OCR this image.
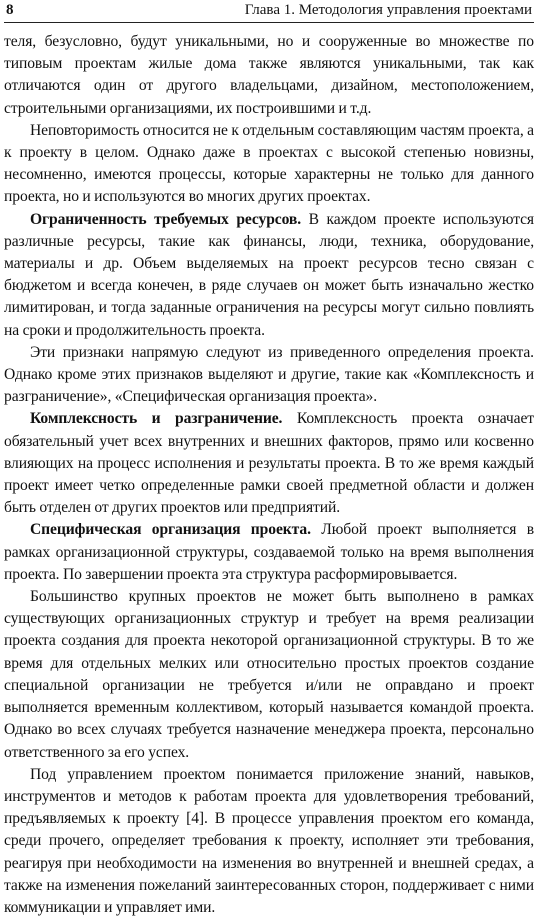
8	Глава 1. Методология управления проектами

теля, безусловно, будут уникальными, но и сооруженные во множестве по типовым проектам жилые дома также являются уникальными, так как отличаются один от другого владельцами, дизайном, местоположением, строительными организациями, их построившими и т.д.

Неповторимость относится не к отдельным составляющим частям проекта, а к проекту в целом. Однако даже в проектах с высокой степенью новизны, несомненно, имеются процессы, которые характерны не только для данного проекта, но и используются во многих других проектах.

Ограниченность требуемых ресурсов. В каждом проекте используются различные ресурсы, такие как финансы, люди, техника, оборудование, материалы и др. Объем выделяемых на проект ресурсов тесно связан с бюджетом и всегда конечен, в ряде случаев он может быть изначально жестко лимитирован, и тогда заданные ограничения на ресурсы могут сильно повлиять на сроки и продолжительность проекта.

Эти признаки напрямую следуют из приведенного определения проекта. Однако кроме этих признаков выделяют и другие, такие как «Комплексность и разграничение», «Специфическая организация проекта».

Комплексность и разграничение. Комплексность проекта означает обязательный учет всех внутренних и внешних факторов, прямо или косвенно влияющих на процесс исполнения и результаты проекта. В то же время каждый проект имеет четко определенные рамки своей предметной области и должен быть отделен от других проектов или предприятий.

Специфическая организация проекта. Любой проект выполняется в рамках организационной структуры, создаваемой только на время выполнения проекта. По завершении проекта эта структура расформировывается.

Большинство крупных проектов не может быть выполнено в рамках существующих организационных структур и требует на время реализации проекта создания для проекта некоторой организационной структуры. В то же время для отдельных мелких или относительно простых проектов создание специальной организации не требуется и/или не оправдано и проект выполняется временным коллективом, который называется командой проекта. Однако во всех случаях требуется назначение менеджера проекта, персонально ответственного за его успех.

Под управлением проектом понимается приложение знаний, навыков, инструментов и методов к работам проекта для удовлетворения требований, предъявляемых к проекту [4]. В процессе управления проектом его команда, среди прочего, определяет требования к проекту, исполняет эти требования, реагируя при необходимости на изменения во внутренней и внешней средах, а также на изменения пожеланий заинтересованных сторон, поддерживает с ними коммуникации и управляет ими.
